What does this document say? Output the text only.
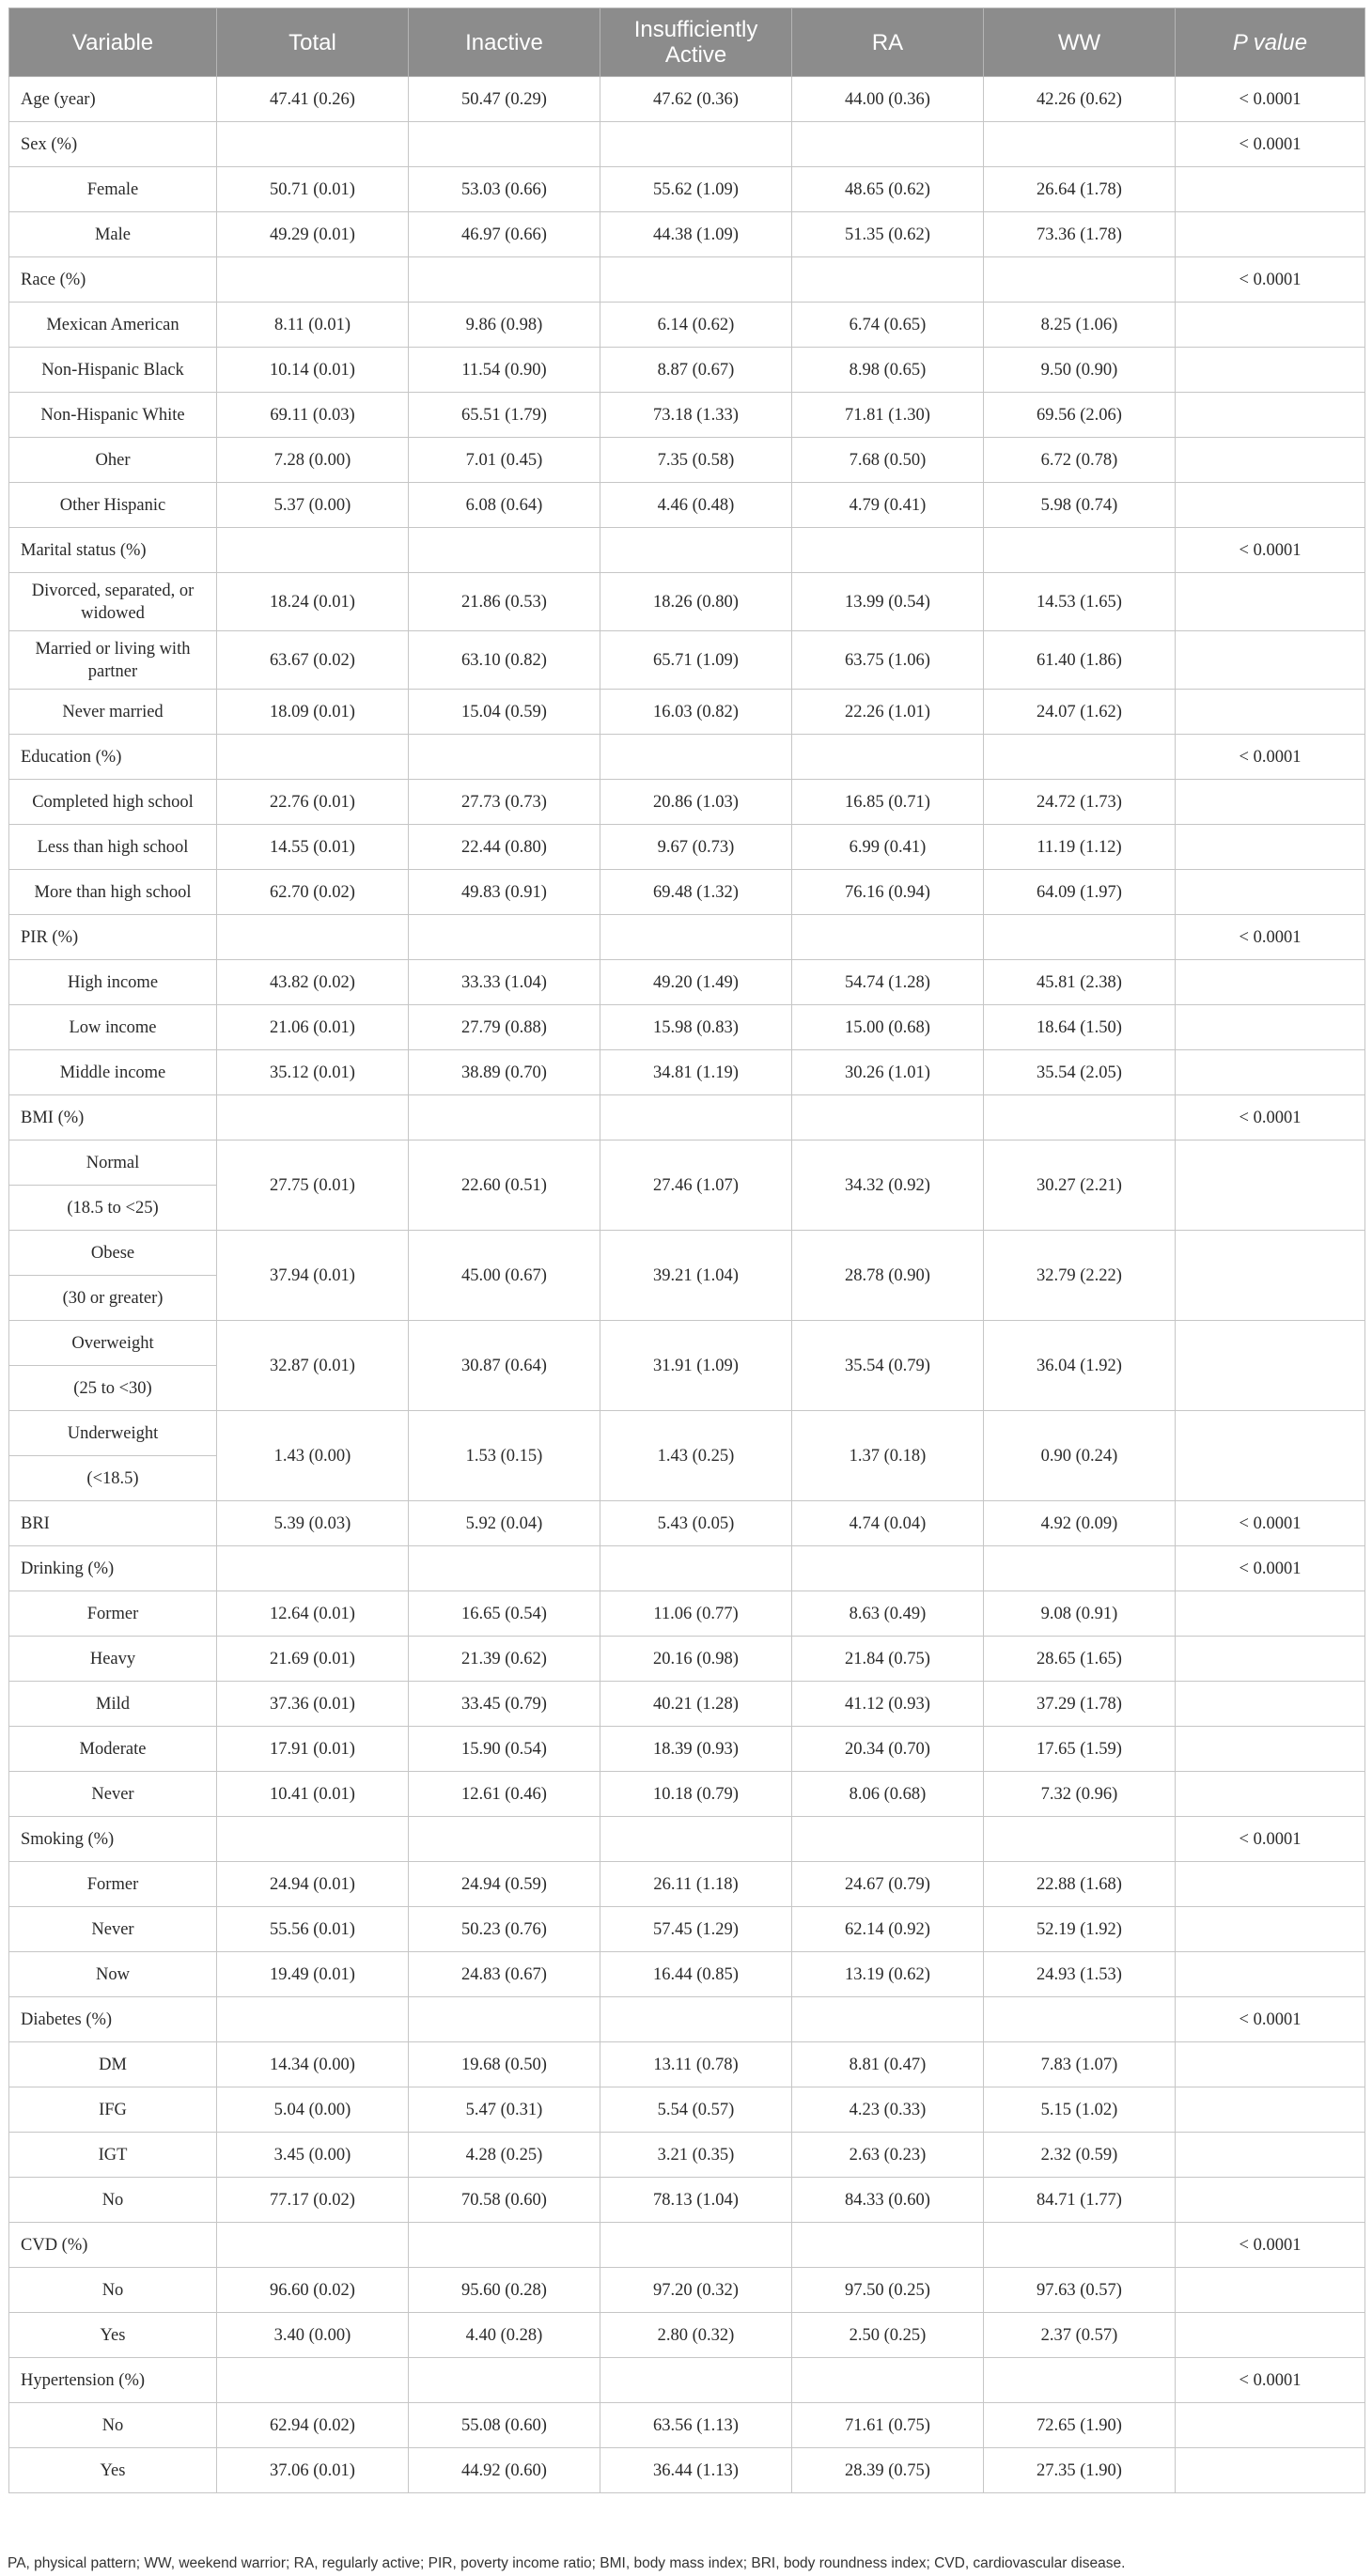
Variable	Total	Inactive	Insufficiently Active	RA	WW	P value
Age (year)	47.41 (0.26)	50.47 (0.29)	47.62 (0.36)	44.00 (0.36)	42.26 (0.62)	< 0.0001
Sex (%)						< 0.0001
Female	50.71 (0.01)	53.03 (0.66)	55.62 (1.09)	48.65 (0.62)	26.64 (1.78)	
Male	49.29 (0.01)	46.97 (0.66)	44.38 (1.09)	51.35 (0.62)	73.36 (1.78)	
Race (%)						< 0.0001
Mexican American	8.11 (0.01)	9.86 (0.98)	6.14 (0.62)	6.74 (0.65)	8.25 (1.06)	
Non-Hispanic Black	10.14 (0.01)	11.54 (0.90)	8.87 (0.67)	8.98 (0.65)	9.50 (0.90)	
Non-Hispanic White	69.11 (0.03)	65.51 (1.79)	73.18 (1.33)	71.81 (1.30)	69.56 (2.06)	
Oher	7.28 (0.00)	7.01 (0.45)	7.35 (0.58)	7.68 (0.50)	6.72 (0.78)	
Other Hispanic	5.37 (0.00)	6.08 (0.64)	4.46 (0.48)	4.79 (0.41)	5.98 (0.74)	
Marital status (%)						< 0.0001
Divorced, separated, or widowed	18.24 (0.01)	21.86 (0.53)	18.26 (0.80)	13.99 (0.54)	14.53 (1.65)	
Married or living with partner	63.67 (0.02)	63.10 (0.82)	65.71 (1.09)	63.75 (1.06)	61.40 (1.86)	
Never married	18.09 (0.01)	15.04 (0.59)	16.03 (0.82)	22.26 (1.01)	24.07 (1.62)	
Education (%)						< 0.0001
Completed high school	22.76 (0.01)	27.73 (0.73)	20.86 (1.03)	16.85 (0.71)	24.72 (1.73)	
Less than high school	14.55 (0.01)	22.44 (0.80)	9.67 (0.73)	6.99 (0.41)	11.19 (1.12)	
More than high school	62.70 (0.02)	49.83 (0.91)	69.48 (1.32)	76.16 (0.94)	64.09 (1.97)	
PIR (%)						< 0.0001
High income	43.82 (0.02)	33.33 (1.04)	49.20 (1.49)	54.74 (1.28)	45.81 (2.38)	
Low income	21.06 (0.01)	27.79 (0.88)	15.98 (0.83)	15.00 (0.68)	18.64 (1.50)	
Middle income	35.12 (0.01)	38.89 (0.70)	34.81 (1.19)	30.26 (1.01)	35.54 (2.05)	
BMI (%)						< 0.0001
Normal	27.75 (0.01)	22.60 (0.51)	27.46 (1.07)	34.32 (0.92)	30.27 (2.21)	
(18.5 to <25)						
Obese	37.94 (0.01)	45.00 (0.67)	39.21 (1.04)	28.78 (0.90)	32.79 (2.22)	
(30 or greater)						
Overweight	32.87 (0.01)	30.87 (0.64)	31.91 (1.09)	35.54 (0.79)	36.04 (1.92)	
(25 to <30)						
Underweight	1.43 (0.00)	1.53 (0.15)	1.43 (0.25)	1.37 (0.18)	0.90 (0.24)	
(<18.5)						
BRI	5.39 (0.03)	5.92 (0.04)	5.43 (0.05)	4.74 (0.04)	4.92 (0.09)	< 0.0001
Drinking (%)						< 0.0001
Former	12.64 (0.01)	16.65 (0.54)	11.06 (0.77)	8.63 (0.49)	9.08 (0.91)	
Heavy	21.69 (0.01)	21.39 (0.62)	20.16 (0.98)	21.84 (0.75)	28.65 (1.65)	
Mild	37.36 (0.01)	33.45 (0.79)	40.21 (1.28)	41.12 (0.93)	37.29 (1.78)	
Moderate	17.91 (0.01)	15.90 (0.54)	18.39 (0.93)	20.34 (0.70)	17.65 (1.59)	
Never	10.41 (0.01)	12.61 (0.46)	10.18 (0.79)	8.06 (0.68)	7.32 (0.96)	
Smoking (%)						< 0.0001
Former	24.94 (0.01)	24.94 (0.59)	26.11 (1.18)	24.67 (0.79)	22.88 (1.68)	
Never	55.56 (0.01)	50.23 (0.76)	57.45 (1.29)	62.14 (0.92)	52.19 (1.92)	
Now	19.49 (0.01)	24.83 (0.67)	16.44 (0.85)	13.19 (0.62)	24.93 (1.53)	
Diabetes (%)						< 0.0001
DM	14.34 (0.00)	19.68 (0.50)	13.11 (0.78)	8.81 (0.47)	7.83 (1.07)	
IFG	5.04 (0.00)	5.47 (0.31)	5.54 (0.57)	4.23 (0.33)	5.15 (1.02)	
IGT	3.45 (0.00)	4.28 (0.25)	3.21 (0.35)	2.63 (0.23)	2.32 (0.59)	
No	77.17 (0.02)	70.58 (0.60)	78.13 (1.04)	84.33 (0.60)	84.71 (1.77)	
CVD (%)						< 0.0001
No	96.60 (0.02)	95.60 (0.28)	97.20 (0.32)	97.50 (0.25)	97.63 (0.57)	
Yes	3.40 (0.00)	4.40 (0.28)	2.80 (0.32)	2.50 (0.25)	2.37 (0.57)	
Hypertension (%)						< 0.0001
No	62.94 (0.02)	55.08 (0.60)	63.56 (1.13)	71.61 (0.75)	72.65 (1.90)	
Yes	37.06 (0.01)	44.92 (0.60)	36.44 (1.13)	28.39 (0.75)	27.35 (1.90)	
PA, physical pattern; WW, weekend warrior; RA, regularly active; PIR, poverty income ratio; BMI, body mass index; BRI, body roundness index; CVD, cardiovascular disease.
